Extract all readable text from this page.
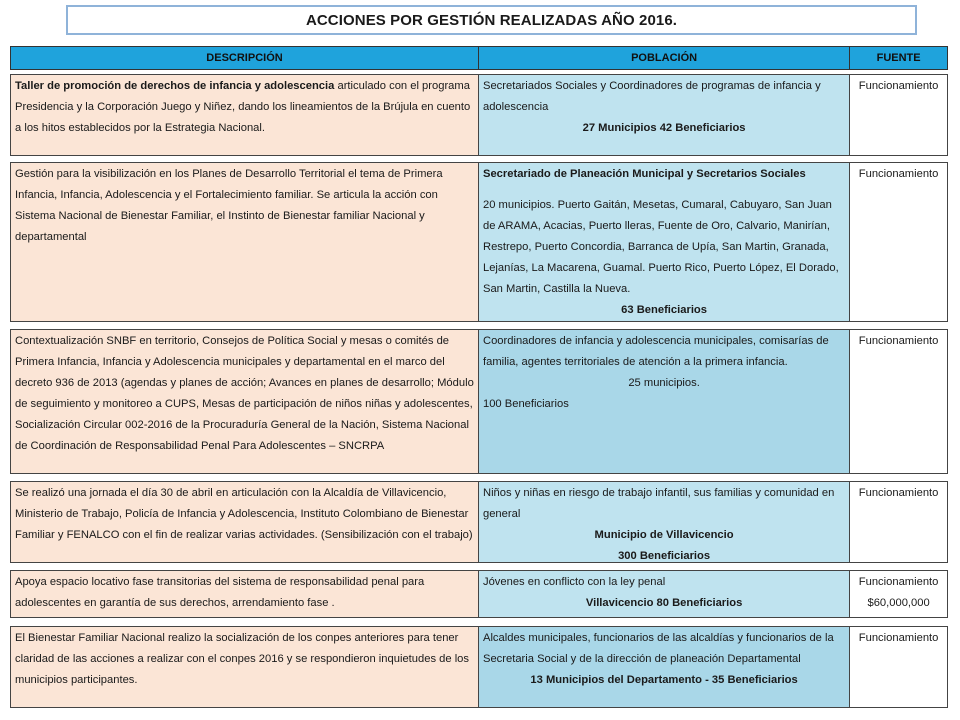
ACCIONES POR GESTIÓN REALIZADAS AÑO 2016.
DESCRIPCIÓN	POBLACIÓN	FUENTE
Taller de promoción de derechos de infancia y adolescencia articulado con el programa Presidencia y la Corporación Juego y Niñez, dando los lineamientos de la Brújula en cuento a los hitos establecidos por la Estrategia Nacional.
Secretariados Sociales y Coordinadores de programas de infancia y adolescencia
27 Municipios 42 Beneficiarios
Funcionamiento
Gestión para la visibilización en los Planes de Desarrollo Territorial el tema de Primera Infancia, Infancia, Adolescencia y el Fortalecimiento familiar. Se articula la acción con Sistema Nacional de Bienestar Familiar, el Instinto de Bienestar familiar Nacional y departamental
Secretariado de Planeación Municipal y Secretarios Sociales
20 municipios. Puerto Gaitán, Mesetas, Cumaral, Cabuyaro, San Juan de ARAMA, Acacias, Puerto lleras, Fuente de Oro, Calvario, Manirían, Restrepo, Puerto Concordia, Barranca de Upía, San Martin, Granada, Lejanías, La Macarena, Guamal. Puerto Rico, Puerto López, El Dorado, San Martin, Castilla la Nueva.
63 Beneficiarios
Funcionamiento
Contextualización SNBF en territorio, Consejos de Política Social y mesas o comités de Primera Infancia, Infancia y Adolescencia municipales y departamental en el marco del decreto 936 de 2013 (agendas y planes de acción; Avances en planes de desarrollo; Módulo de seguimiento y monitoreo a CUPS, Mesas de participación de niños niñas y adolescentes, Socialización Circular 002-2016 de la Procuraduría General de la Nación, Sistema Nacional de Coordinación de Responsabilidad Penal Para Adolescentes – SNCRPA
Coordinadores de infancia y adolescencia municipales, comisarías de familia, agentes territoriales de atención a la primera infancia.
25 municipios.
100 Beneficiarios
Funcionamiento
Se realizó una jornada el día 30 de abril en articulación con la Alcaldía de Villavicencio, Ministerio de Trabajo, Policía de Infancia y Adolescencia, Instituto Colombiano de Bienestar Familiar y FENALCO con el fin de realizar varias actividades. (Sensibilización con el trabajo)
Niños y niñas en riesgo de trabajo infantil, sus familias y comunidad en general
Municipio de Villavicencio
300 Beneficiarios
Funcionamiento
Apoya espacio locativo fase transitorias del sistema de responsabilidad penal para adolescentes en garantía de sus derechos, arrendamiento fase .
Jóvenes en conflicto con la ley penal
Villavicencio 80 Beneficiarios
Funcionamiento
$60,000,000
El Bienestar Familiar Nacional realizo la socialización de los conpes anteriores para tener claridad de las acciones a realizar con el conpes 2016 y se respondieron inquietudes de los municipios participantes.
Alcaldes municipales, funcionarios de las alcaldías y funcionarios de la Secretaria Social y de la dirección de planeación Departamental
13 Municipios del Departamento - 35 Beneficiarios
Funcionamiento
